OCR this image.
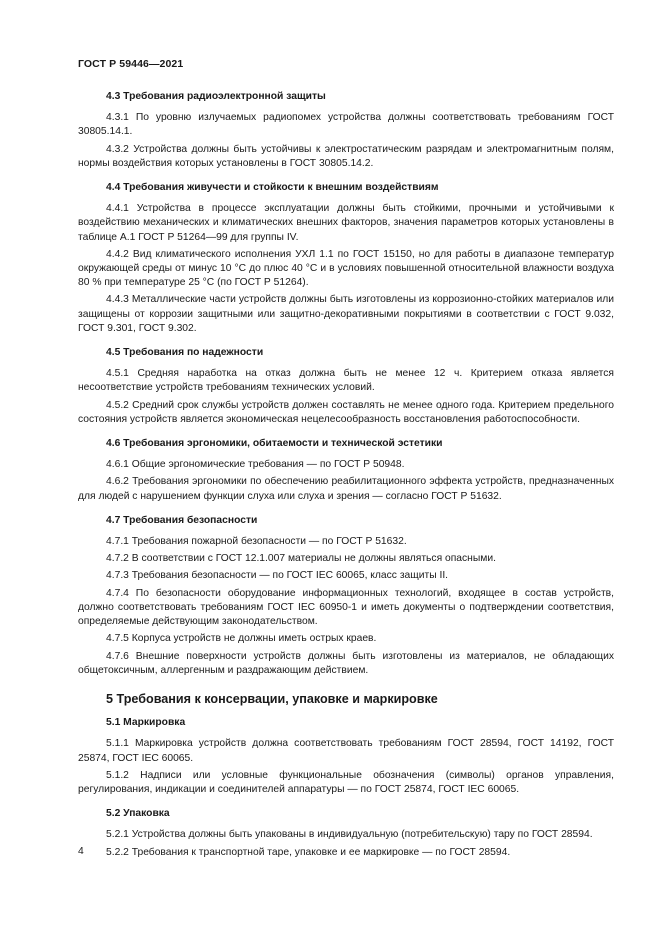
ГОСТ Р 59446—2021
4.3 Требования радиоэлектронной защиты

4.3.1 По уровню излучаемых радиопомех устройства должны соответствовать требованиям ГОСТ 30805.14.1.

4.3.2 Устройства должны быть устойчивы к электростатическим разрядам и электромагнитным полям, нормы воздействия которых установлены в ГОСТ 30805.14.2.

4.4 Требования живучести и стойкости к внешним воздействиям

4.4.1 Устройства в процессе эксплуатации должны быть стойкими, прочными и устойчивыми к воздействию механических и климатических внешних факторов, значения параметров которых установлены в таблице А.1 ГОСТ Р 51264—99 для группы IV.

4.4.2 Вид климатического исполнения УХЛ 1.1 по ГОСТ 15150, но для работы в диапазоне температур окружающей среды от минус 10 °С до плюс 40 °С и в условиях повышенной относительной влажности воздуха 80 % при температуре 25 °С (по ГОСТ Р 51264).

4.4.3 Металлические части устройств должны быть изготовлены из коррозионно-стойких материалов или защищены от коррозии защитными или защитно-декоративными покрытиями в соответствии с ГОСТ 9.032, ГОСТ 9.301, ГОСТ 9.302.

4.5 Требования по надежности

4.5.1 Средняя наработка на отказ должна быть не менее 12 ч. Критерием отказа является несоответствие устройств требованиям технических условий.

4.5.2 Средний срок службы устройств должен составлять не менее одного года. Критерием предельного состояния устройств является экономическая нецелесообразность восстановления работоспособности.

4.6 Требования эргономики, обитаемости и технической эстетики

4.6.1 Общие эргономические требования — по ГОСТ Р 50948.

4.6.2 Требования эргономики по обеспечению реабилитационного эффекта устройств, предназначенных для людей с нарушением функции слуха или слуха и зрения — согласно ГОСТ Р 51632.

4.7 Требования безопасности

4.7.1 Требования пожарной безопасности — по ГОСТ Р 51632.

4.7.2 В соответствии с ГОСТ 12.1.007 материалы не должны являться опасными.

4.7.3 Требования безопасности — по ГОСТ IEC 60065, класс защиты II.

4.7.4 По безопасности оборудование информационных технологий, входящее в состав устройств, должно соответствовать требованиям ГОСТ IEC 60950-1 и иметь документы о подтверждении соответствия, определяемые действующим законодательством.

4.7.5 Корпуса устройств не должны иметь острых краев.

4.7.6 Внешние поверхности устройств должны быть изготовлены из материалов, не обладающих общетоксичным, аллергенным и раздражающим действием.

5 Требования к консервации, упаковке и маркировке
5.1 Маркировка

5.1.1 Маркировка устройств должна соответствовать требованиям ГОСТ 28594, ГОСТ 14192, ГОСТ 25874, ГОСТ IEC 60065.

5.1.2 Надписи или условные функциональные обозначения (символы) органов управления, регулирования, индикации и соединителей аппаратуры — по ГОСТ 25874, ГОСТ IEC 60065.

5.2 Упаковка

5.2.1 Устройства должны быть упакованы в индивидуальную (потребительскую) тару по ГОСТ 28594.

5.2.2 Требования к транспортной таре, упаковке и ее маркировке — по ГОСТ 28594.

4
